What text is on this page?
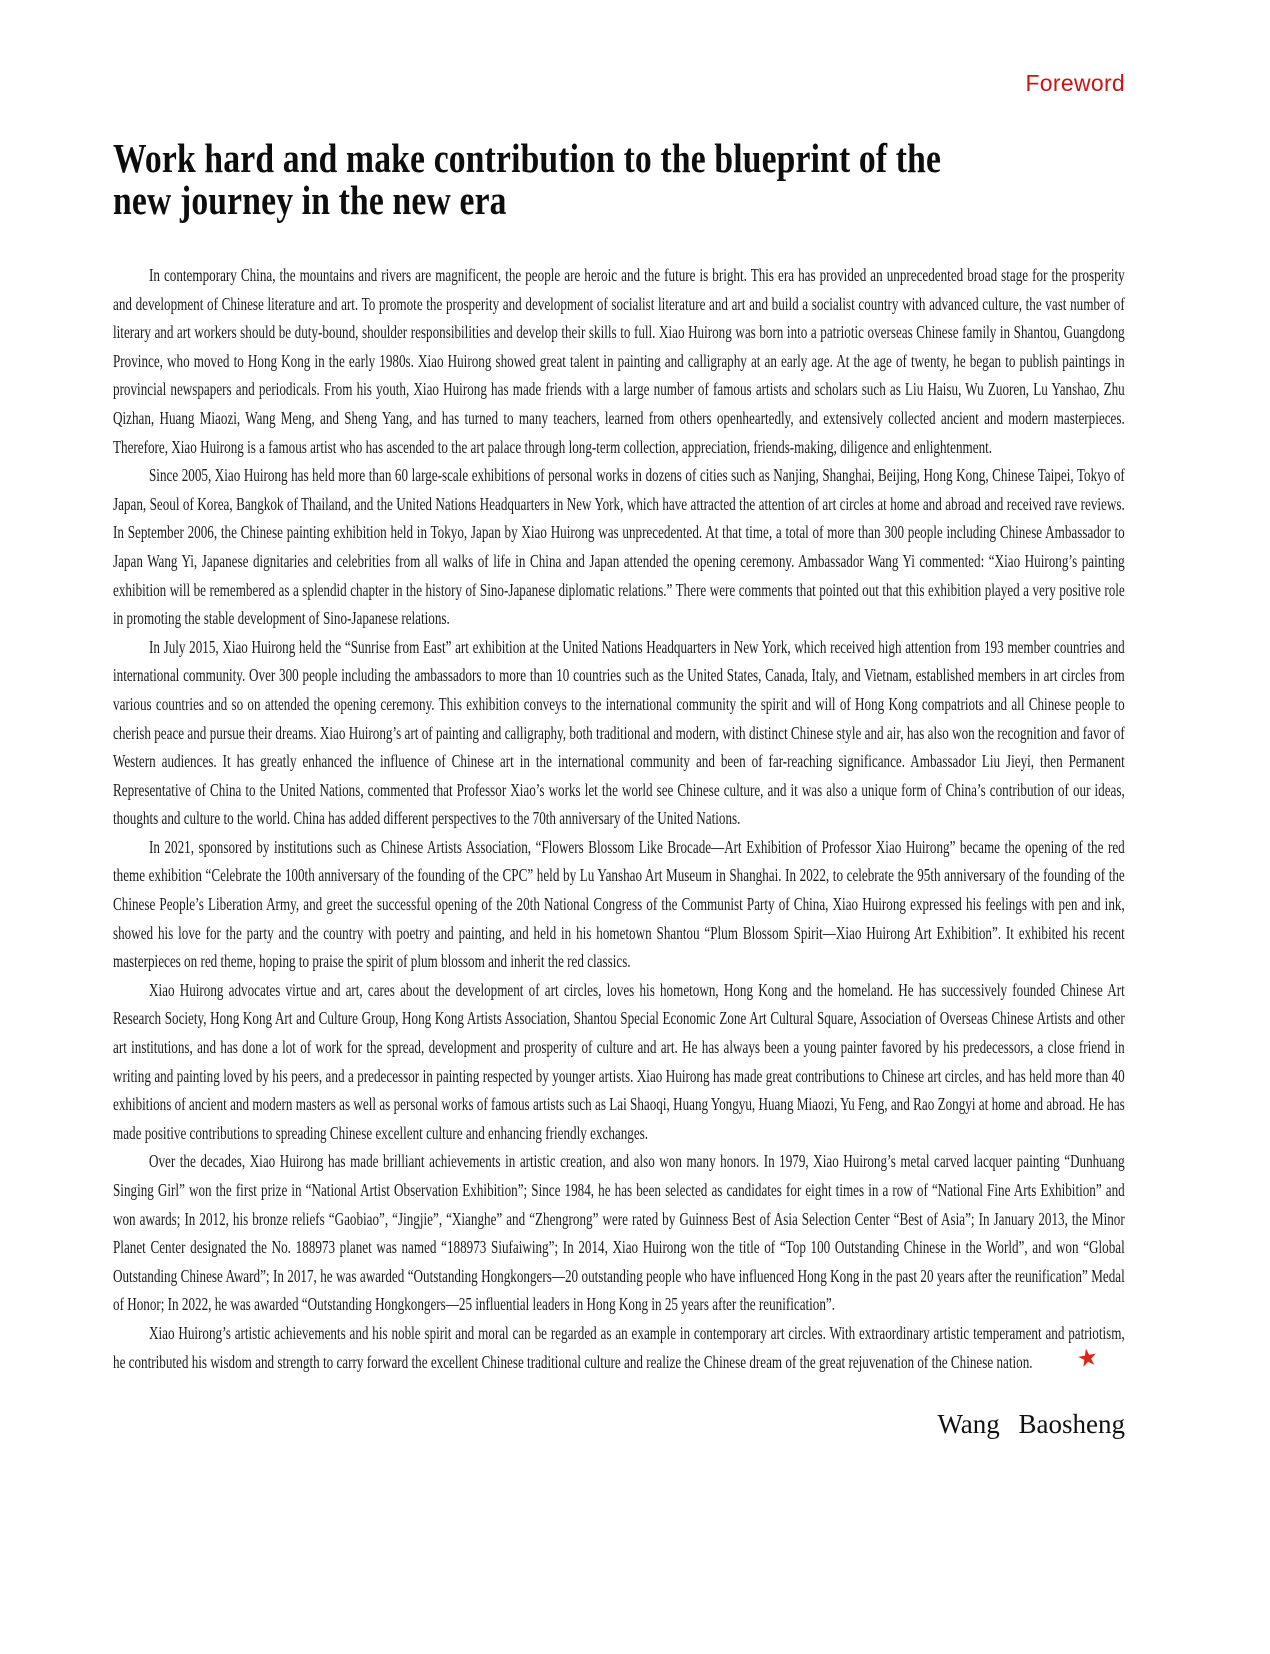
Foreword
Work hard and make contribution to the blueprint of the
new journey in the new era

In contemporary China, the mountains and rivers are magnificent, the people are heroic and the future is bright. This era has provided an unprecedented broad stage for the prosperity and development of Chinese literature and art. To promote the prosperity and development of socialist literature and art and build a socialist country with advanced culture, the vast number of literary and art workers should be duty-bound, shoulder responsibilities and develop their skills to full. Xiao Huirong was born into a patriotic overseas Chinese family in Shantou, Guangdong Province, who moved to Hong Kong in the early 1980s. Xiao Huirong showed great talent in painting and calligraphy at an early age. At the age of twenty, he began to publish paintings in provincial newspapers and periodicals. From his youth, Xiao Huirong has made friends with a large number of famous artists and scholars such as Liu Haisu, Wu Zuoren, Lu Yanshao, Zhu Qizhan, Huang Miaozi, Wang Meng, and Sheng Yang, and has turned to many teachers, learned from others openheartedly, and extensively collected ancient and modern masterpieces. Therefore, Xiao Huirong is a famous artist who has ascended to the art palace through long-term collection, appreciation, friends-making, diligence and enlightenment.

Since 2005, Xiao Huirong has held more than 60 large-scale exhibitions of personal works in dozens of cities such as Nanjing, Shanghai, Beijing, Hong Kong, Chinese Taipei, Tokyo of Japan, Seoul of Korea, Bangkok of Thailand, and the United Nations Headquarters in New York, which have attracted the attention of art circles at home and abroad and received rave reviews. In September 2006, the Chinese painting exhibition held in Tokyo, Japan by Xiao Huirong was unprecedented. At that time, a total of more than 300 people including Chinese Ambassador to Japan Wang Yi, Japanese dignitaries and celebrities from all walks of life in China and Japan attended the opening ceremony. Ambassador Wang Yi commented: “Xiao Huirong’s painting exhibition will be remembered as a splendid chapter in the history of Sino-Japanese diplomatic relations.” There were comments that pointed out that this exhibition played a very positive role in promoting the stable development of Sino-Japanese relations.

In July 2015, Xiao Huirong held the “Sunrise from East” art exhibition at the United Nations Headquarters in New York, which received high attention from 193 member countries and international community. Over 300 people including the ambassadors to more than 10 countries such as the United States, Canada, Italy, and Vietnam, established members in art circles from various countries and so on attended the opening ceremony. This exhibition conveys to the international community the spirit and will of Hong Kong compatriots and all Chinese people to cherish peace and pursue their dreams. Xiao Huirong’s art of painting and calligraphy, both traditional and modern, with distinct Chinese style and air, has also won the recognition and favor of Western audiences. It has greatly enhanced the influence of Chinese art in the international community and been of far-reaching significance. Ambassador Liu Jieyi, then Permanent Representative of China to the United Nations, commented that Professor Xiao’s works let the world see Chinese culture, and it was also a unique form of China’s contribution of our ideas, thoughts and culture to the world. China has added different perspectives to the 70th anniversary of the United Nations.

In 2021, sponsored by institutions such as Chinese Artists Association, “Flowers Blossom Like Brocade—Art Exhibition of Professor Xiao Huirong” became the opening of the red theme exhibition “Celebrate the 100th anniversary of the founding of the CPC” held by Lu Yanshao Art Museum in Shanghai. In 2022, to celebrate the 95th anniversary of the founding of the Chinese People’s Liberation Army, and greet the successful opening of the 20th National Congress of the Communist Party of China, Xiao Huirong expressed his feelings with pen and ink, showed his love for the party and the country with poetry and painting, and held in his hometown Shantou “Plum Blossom Spirit—Xiao Huirong Art Exhibition”. It exhibited his recent masterpieces on red theme, hoping to praise the spirit of plum blossom and inherit the red classics.

Xiao Huirong advocates virtue and art, cares about the development of art circles, loves his hometown, Hong Kong and the homeland. He has successively founded Chinese Art Research Society, Hong Kong Art and Culture Group, Hong Kong Artists Association, Shantou Special Economic Zone Art Cultural Square, Association of Overseas Chinese Artists and other art institutions, and has done a lot of work for the spread, development and prosperity of culture and art. He has always been a young painter favored by his predecessors, a close friend in writing and painting loved by his peers, and a predecessor in painting respected by younger artists. Xiao Huirong has made great contributions to Chinese art circles, and has held more than 40 exhibitions of ancient and modern masters as well as personal works of famous artists such as Lai Shaoqi, Huang Yongyu, Huang Miaozi, Yu Feng, and Rao Zongyi at home and abroad. He has made positive contributions to spreading Chinese excellent culture and enhancing friendly exchanges.

Over the decades, Xiao Huirong has made brilliant achievements in artistic creation, and also won many honors. In 1979, Xiao Huirong’s metal carved lacquer painting “Dunhuang Singing Girl” won the first prize in “National Artist Observation Exhibition”; Since 1984, he has been selected as candidates for eight times in a row of “National Fine Arts Exhibition” and won awards; In 2012, his bronze reliefs “Gaobiao”, “Jingjie”, “Xianghe” and “Zhengrong” were rated by Guinness Best of Asia Selection Center “Best of Asia”; In January 2013, the Minor Planet Center designated the No. 188973 planet was named “188973 Siufaiwing”; In 2014, Xiao Huirong won the title of “Top 100 Outstanding Chinese in the World”, and won “Global Outstanding Chinese Award”; In 2017, he was awarded “Outstanding Hongkongers—20 outstanding people who have influenced Hong Kong in the past 20 years after the reunification” Medal of Honor; In 2022, he was awarded “Outstanding Hongkongers—25 influential leaders in Hong Kong in 25 years after the reunification”.

Xiao Huirong’s artistic achievements and his noble spirit and moral can be regarded as an example in contemporary art circles. With extraordinary artistic temperament and patriotism, he contributed his wisdom and strength to carry forward the excellent Chinese traditional culture and realize the Chinese dream of the great rejuvenation of the Chinese nation. ★

Wang Baosheng
